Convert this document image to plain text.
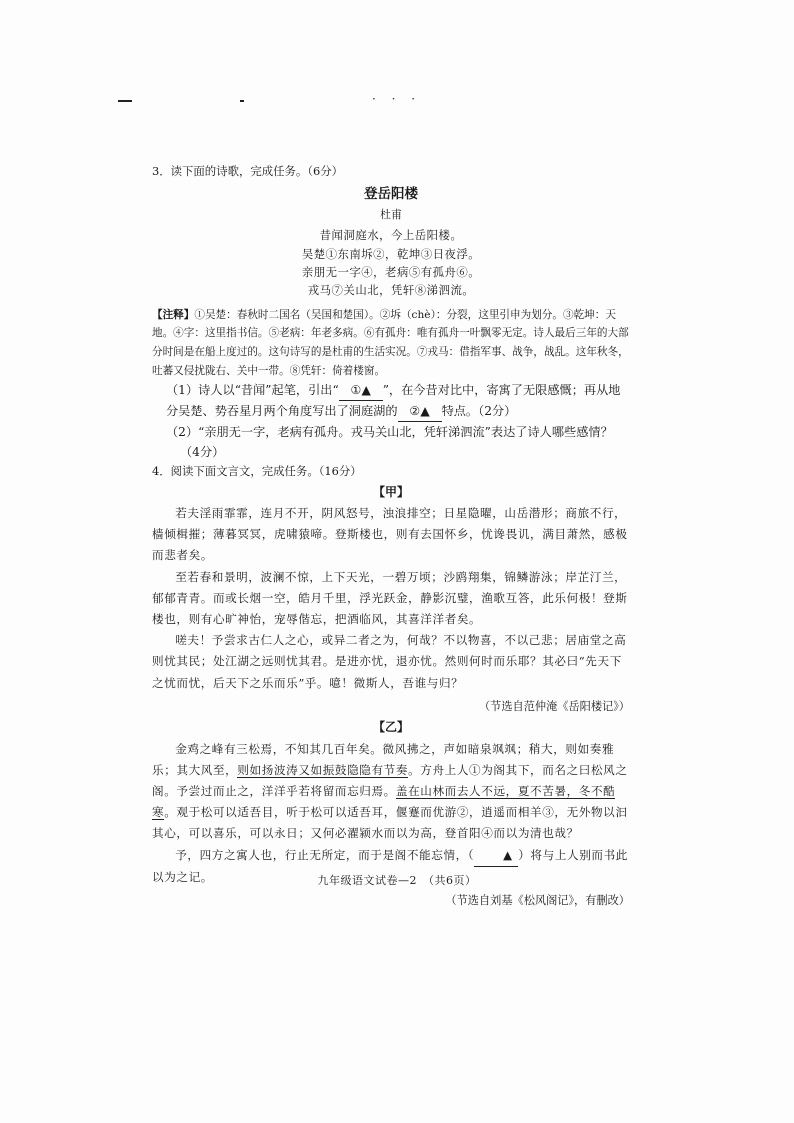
· · ·

3．读下面的诗歌，完成任务。（6分）

登岳阳楼

杜甫

昔闻洞庭水，今上岳阳楼。

吴楚①东南坼②，乾坤③日夜浮。

亲朋无一字④，老病⑤有孤舟⑥。

戎马⑦关山北，凭轩⑧涕泗流。

【注释】①吴楚：春秋时二国名（吴国和楚国）。②坼（chè）：分裂，这里引申为划分。③乾坤：天地。④字：这里指书信。⑤老病：年老多病。⑥有孤舟：唯有孤舟一叶飘零无定。诗人最后三年的大部分时间是在船上度过的。这句诗写的是杜甫的生活实况。⑦戎马：借指军事、战争，战乱。这年秋冬，吐蕃又侵扰陇右、关中一带。⑧凭轩：倚着楼窗。

（1）诗人以“昔闻”起笔，引出“ ①▲ ”，在今昔对比中，寄寓了无限感慨；再从地分吴楚、势吞星月两个角度写出了洞庭湖的 ②▲ 特点。（2分）

（2）“亲朋无一字，老病有孤舟。戎马关山北，凭轩涕泗流”表达了诗人哪些感情？

（4分）

4．阅读下面文言文，完成任务。（16分）

【甲】

若夫淫雨霏霏，连月不开，阴风怒号，浊浪排空；日星隐曜，山岳潜形；商旅不行，樯倾楫摧；薄暮冥冥，虎啸猿啼。登斯楼也，则有去国怀乡，忧谗畏讥，满目萧然，感极而悲者矣。

至若春和景明，波澜不惊，上下天光，一碧万顷；沙鸥翔集，锦鳞游泳；岸芷汀兰，郁郁青青。而或长烟一空，皓月千里，浮光跃金，静影沉璧，渔歌互答，此乐何极！登斯楼也，则有心旷神怡，宠辱偕忘，把酒临风，其喜洋洋者矣。

嗟夫！予尝求古仁人之心，或异二者之为，何哉？不以物喜，不以己悲；居庙堂之高则忧其民；处江湖之远则忧其君。是进亦忧，退亦忧。然则何时而乐耶？其必曰“先天下之忧而忧，后天下之乐而乐”乎。噫！微斯人，吾谁与归？

（节选自范仲淹《岳阳楼记》）

【乙】

金鸡之峰有三松焉，不知其几百年矣。微风拂之，声如暗泉飒飒；稍大，则如奏雅乐；其大风至，则如扬波涛又如振鼓隐隐有节奏。方舟上人①为阁其下，而名之曰松风之阁。予尝过而止之，洋洋乎若将留而忘归焉。盖在山林而去人不远，夏不苦暑，冬不酷寒。观于松可以适吾目，听于松可以适吾耳，偃蹇而优游②，逍遥而相羊③，无外物以汩其心，可以喜乐，可以永日；又何必濯颍水而以为高，登首阳④而以为清也哉？

予，四方之寓人也，行止无所定，而于是阁不能忘情，（ ▲ ）将与上人别而书此以为之记。

（节选自刘基《松风阁记》，有删改）

九年级语文试卷—2　（共6页）
